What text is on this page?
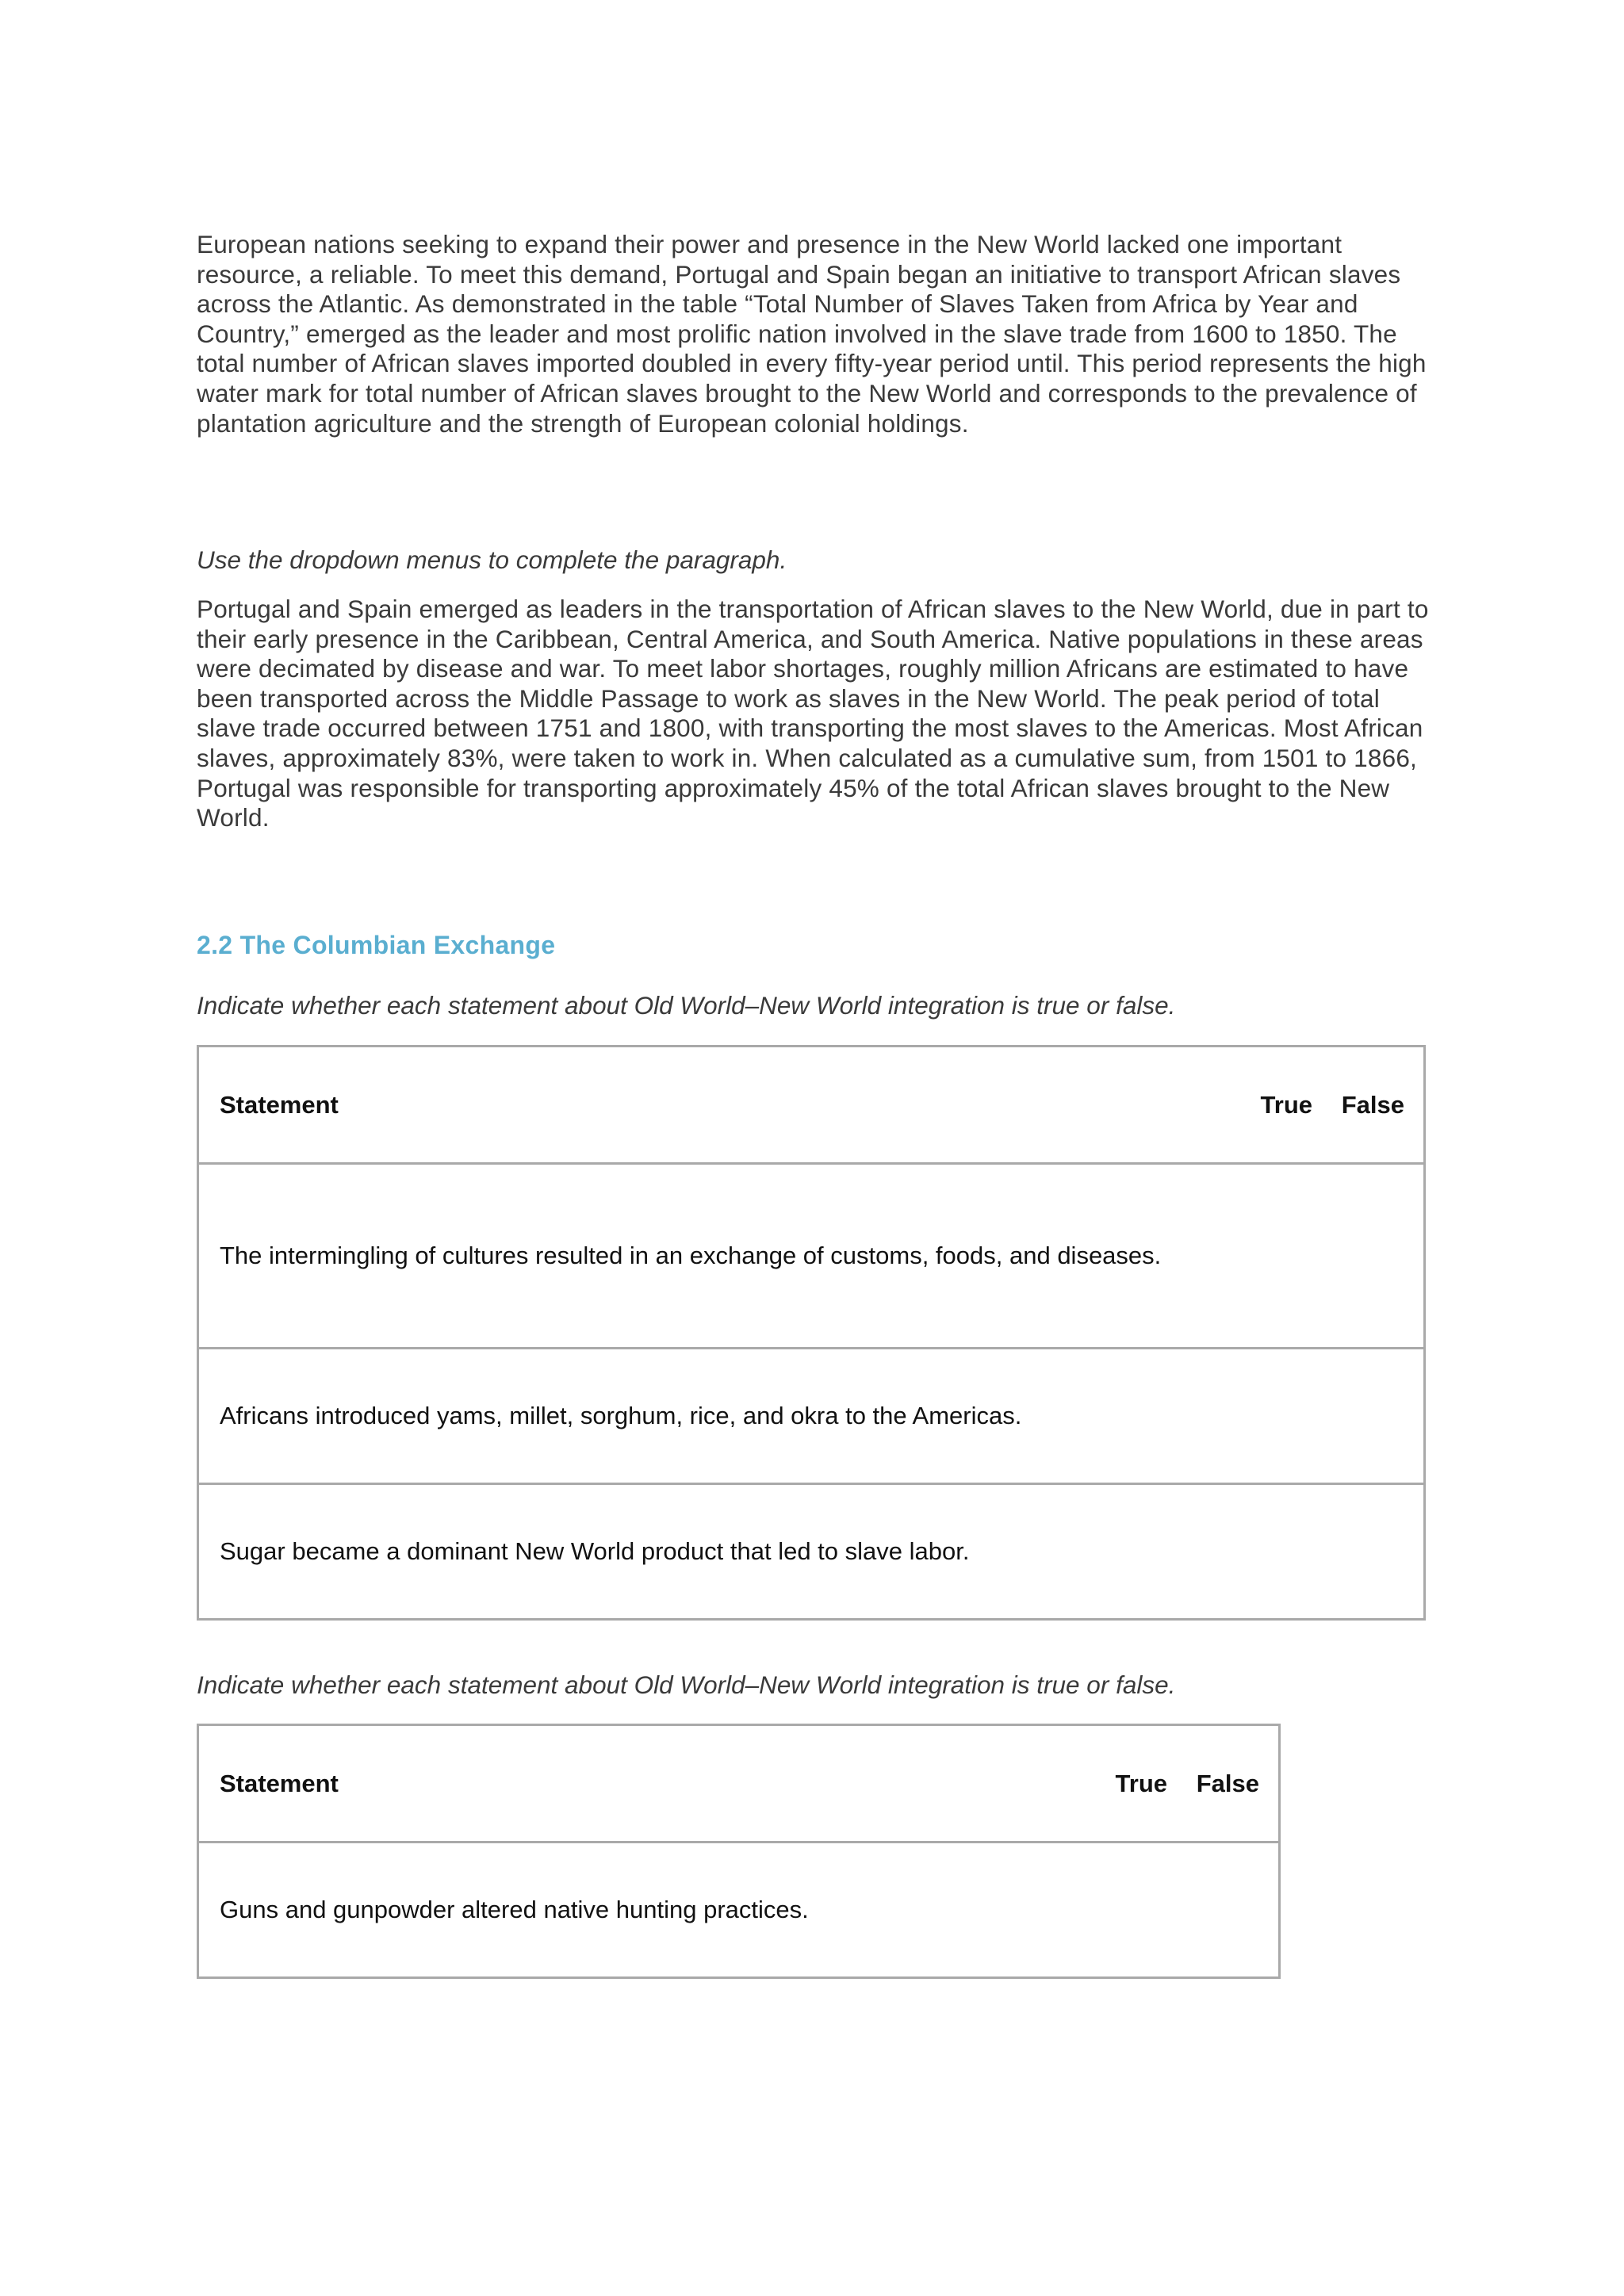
European nations seeking to expand their power and presence in the New World lacked one important resource, a reliable. To meet this demand, Portugal and Spain began an initiative to transport African slaves across the Atlantic. As demonstrated in the table “Total Number of Slaves Taken from Africa by Year and Country,” emerged as the leader and most prolific nation involved in the slave trade from 1600 to 1850. The total number of African slaves imported doubled in every fifty-year period until. This period represents the high water mark for total number of African slaves brought to the New World and corresponds to the prevalence of plantation agriculture and the strength of European colonial holdings.

Use the dropdown menus to complete the paragraph.

Portugal and Spain emerged as leaders in the transportation of African slaves to the New World, due in part to their early presence in the Caribbean, Central America, and South America. Native populations in these areas were decimated by disease and war. To meet labor shortages, roughly million Africans are estimated to have been transported across the Middle Passage to work as slaves in the New World. The peak period of total slave trade occurred between 1751 and 1800, with transporting the most slaves to the Americas. Most African slaves, approximately 83%, were taken to work in. When calculated as a cumulative sum, from 1501 to 1866, Portugal was responsible for transporting approximately 45% of the total African slaves brought to the New World.

2.2 The Columbian Exchange

Indicate whether each statement about Old World–New World integration is true or false.

Statement	True	False
The intermingling of cultures resulted in an exchange of customs, foods, and diseases.		
Africans introduced yams, millet, sorghum, rice, and okra to the Americas.		
Sugar became a dominant New World product that led to slave labor.		

Indicate whether each statement about Old World–New World integration is true or false.

Statement	True	False
Guns and gunpowder altered native hunting practices.		
